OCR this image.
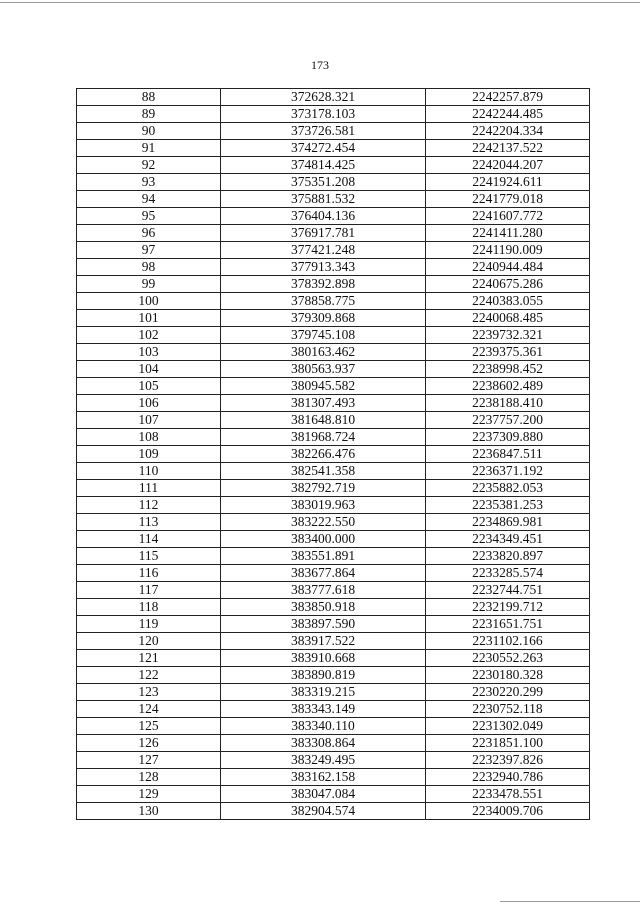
173
88	372628.321	2242257.879
89	373178.103	2242244.485
90	373726.581	2242204.334
91	374272.454	2242137.522
92	374814.425	2242044.207
93	375351.208	2241924.611
94	375881.532	2241779.018
95	376404.136	2241607.772
96	376917.781	2241411.280
97	377421.248	2241190.009
98	377913.343	2240944.484
99	378392.898	2240675.286
100	378858.775	2240383.055
101	379309.868	2240068.485
102	379745.108	2239732.321
103	380163.462	2239375.361
104	380563.937	2238998.452
105	380945.582	2238602.489
106	381307.493	2238188.410
107	381648.810	2237757.200
108	381968.724	2237309.880
109	382266.476	2236847.511
110	382541.358	2236371.192
111	382792.719	2235882.053
112	383019.963	2235381.253
113	383222.550	2234869.981
114	383400.000	2234349.451
115	383551.891	2233820.897
116	383677.864	2233285.574
117	383777.618	2232744.751
118	383850.918	2232199.712
119	383897.590	2231651.751
120	383917.522	2231102.166
121	383910.668	2230552.263
122	383890.819	2230180.328
123	383319.215	2230220.299
124	383343.149	2230752.118
125	383340.110	2231302.049
126	383308.864	2231851.100
127	383249.495	2232397.826
128	383162.158	2232940.786
129	383047.084	2233478.551
130	382904.574	2234009.706
